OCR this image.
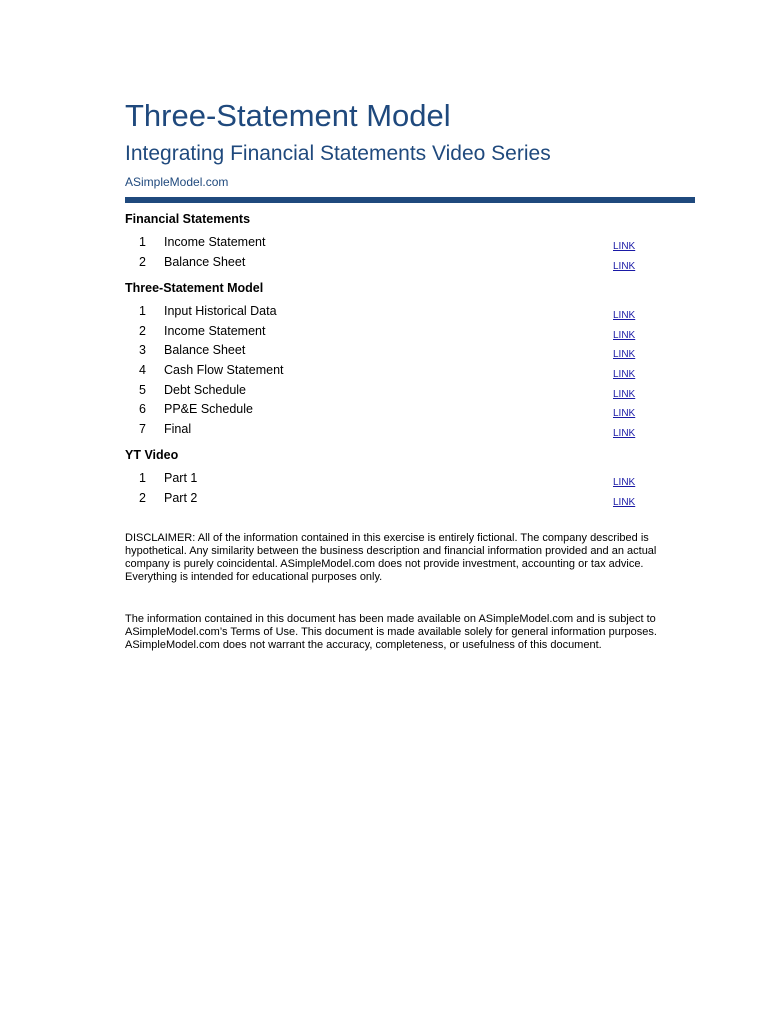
Three-Statement Model
Integrating Financial Statements Video Series
ASimpleModel.com
Financial Statements
1 Income Statement	LINK
2 Balance Sheet	LINK
Three-Statement Model
1 Input Historical Data	LINK
2 Income Statement	LINK
3 Balance Sheet	LINK
4 Cash Flow Statement	LINK
5 Debt Schedule	LINK
6 PP&E Schedule	LINK
7 Final	LINK
YT Video
1 Part 1	LINK
2 Part 2	LINK

DISCLAIMER: All of the information contained in this exercise is entirely fictional. The company described is hypothetical. Any similarity between the business description and financial information provided and an actual company is purely coincidental. ASimpleModel.com does not provide investment, accounting or tax advice. Everything is intended for educational purposes only.

The information contained in this document has been made available on ASimpleModel.com and is subject to ASimpleModel.com’s Terms of Use. This document is made available solely for general information purposes. ASimpleModel.com does not warrant the accuracy, completeness, or usefulness of this document.
